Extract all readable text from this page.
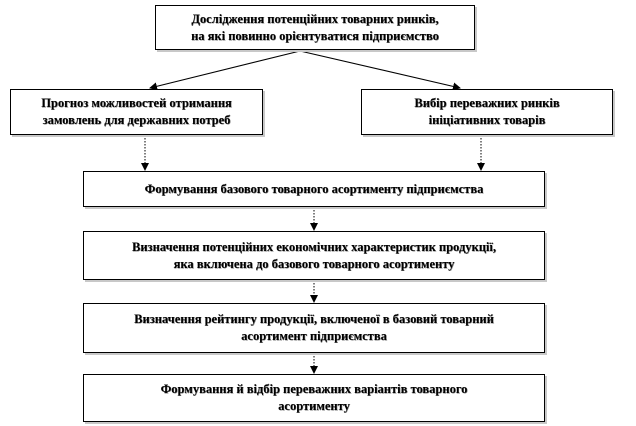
Дослідження потенційних товарних ринків,
на які повинно орієнтуватися підприємство
Прогноз можливостей отримання
замовлень для державних потреб
Вибір переважних ринків
ініціативних товарів
Формування базового товарного асортименту підприємства
Визначення потенційних економічних характеристик продукції,
яка включена до базового товарного асортименту
Визначення рейтингу продукції, включеної в базовий товарний
асортимент підприємства
Формування й відбір переважних варіантів товарного
асортименту
